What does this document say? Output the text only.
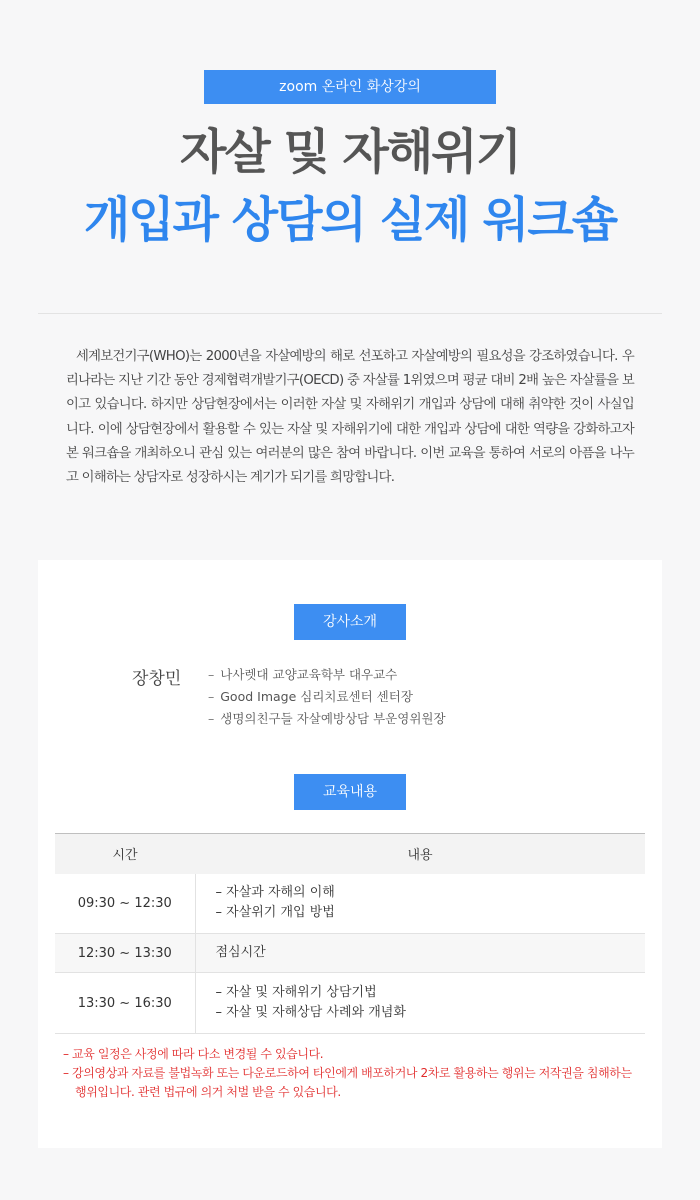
zoom 온라인 화상강의
자살 및 자해위기
개입과 상담의 실제 워크숍

세계보건기구(WHO)는 2000년을 자살예방의 해로 선포하고 자살예방의 필요성을 강조하였습니다. 우리나라는 지난 기간 동안 경제협력개발기구(OECD) 중 자살률 1위였으며 평균 대비 2배 높은 자살률을 보이고 있습니다. 하지만 상담현장에서는 이러한 자살 및 자해위기 개입과 상담에 대해 취약한 것이 사실입니다. 이에 상담현장에서 활용할 수 있는 자살 및 자해위기에 대한 개입과 상담에 대한 역량을 강화하고자 본 워크숍을 개최하오니 관심 있는 여러분의 많은 참여 바랍니다. 이번 교육을 통하여 서로의 아픔을 나누고 이해하는 상담자로 성장하시는 계기가 되기를 희망합니다.

강사소개
장창민 – 나사렛대 교양교육학부 대우교수
– Good Image 심리치료센터 센터장
– 생명의친구들 자살예방상담 부운영위원장
교육내용
시간	내용
09:30 ~ 12:30	– 자살과 자해의 이해
– 자살위기 개입 방법

12:30 ~ 13:30	점심시간

13:30 ~ 16:30	– 자살 및 자해위기 상담기법
– 자살 및 자해상담 사례와 개념화
– 교육 일정은 사정에 따라 다소 변경될 수 있습니다.
– 강의영상과 자료를 불법녹화 또는 다운로드하여 타인에게 배포하거나 2차로 활용하는 행위는 저작권을 침해하는 행위입니다. 관련 법규에 의거 처벌 받을 수 있습니다.
